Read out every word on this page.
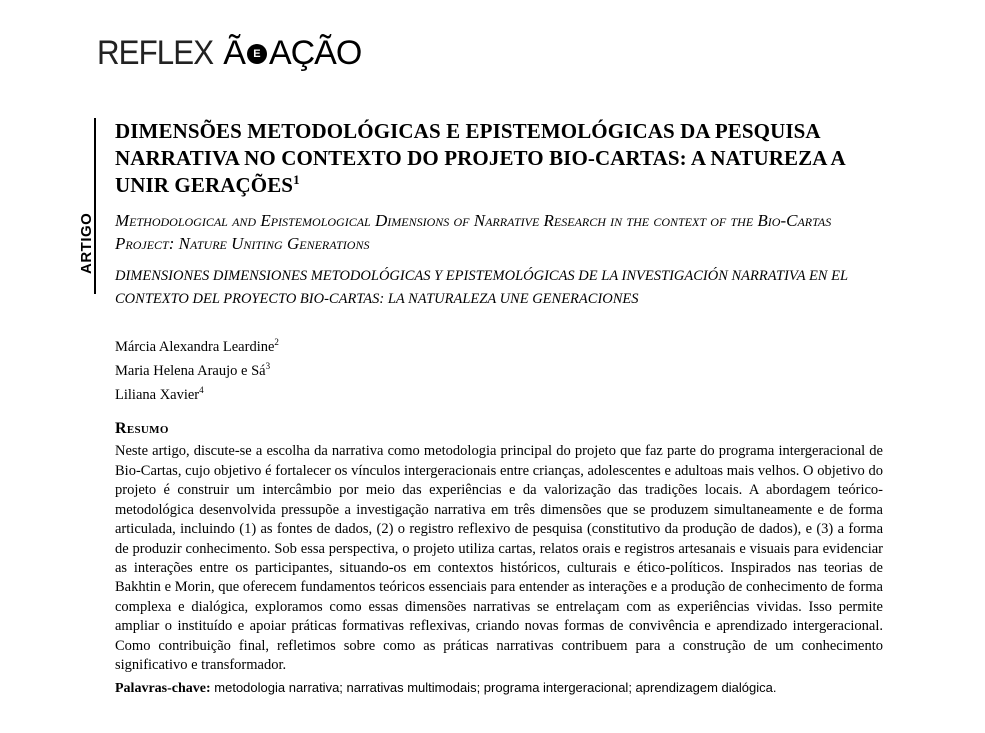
REFLEX Ã E AÇÃO
ARTIGO
DIMENSÕES METODOLÓGICAS E EPISTEMOLÓGICAS DA PESQUISA NARRATIVA NO CONTEXTO DO PROJETO BIO-CARTAS: A NATUREZA A UNIR GERAÇÕES$^1$

Methodological and Epistemological Dimensions of Narrative Research in the context of the Bio-Cartas Project: Nature Uniting Generations

DIMENSIONES DIMENSIONES METODOLÓGICAS Y EPISTEMOLÓGICAS DE LA INVESTIGACIÓN NARRATIVA EN EL CONTEXTO DEL PROYECTO BIO-CARTAS: LA NATURALEZA UNE GENERACIONES

Márcia Alexandra Leardine$^2$
Maria Helena Araujo e $Sá^3$
Liliana Xavier$^4$
Resumo
Neste artigo, discute-se a escolha da narrativa como metodologia principal do projeto que faz parte do programa intergeracional de Bio-Cartas, cujo objetivo é fortalecer os vínculos intergeracionais entre crianças, adolescentes e adultoas mais velhos. O objetivo do projeto é construir um intercâmbio por meio das experiências e da valorização das tradições locais. A abordagem teórico-metodológica desenvolvida pressupõe a investigação narrativa em três dimensões que se produzem simultaneamente e de forma articulada, incluindo (1) as fontes de dados, (2) o registro reflexivo de pesquisa (constitutivo da produção de dados), e (3) a forma de produzir conhecimento. Sob essa perspectiva, o projeto utiliza cartas, relatos orais e registros artesanais e visuais para evidenciar as interações entre os participantes, situando-os em contextos históricos, culturais e ético-políticos. Inspirados nas teorias de Bakhtin e Morin, que oferecem fundamentos teóricos essenciais para entender as interações e a produção de conhecimento de forma complexa e dialógica, exploramos como essas dimensões narrativas se entrelaçam com as experiências vividas. Isso permite ampliar o instituído e apoiar práticas formativas reflexivas, criando novas formas de convivência e aprendizado intergeracional. Como contribuição final, refletimos sobre como as práticas narrativas contribuem para a construção de um conhecimento significativo e transformador.
Palavras-chave: metodologia narrativa; narrativas multimodais; programa intergeracional; aprendizagem dialógica.
